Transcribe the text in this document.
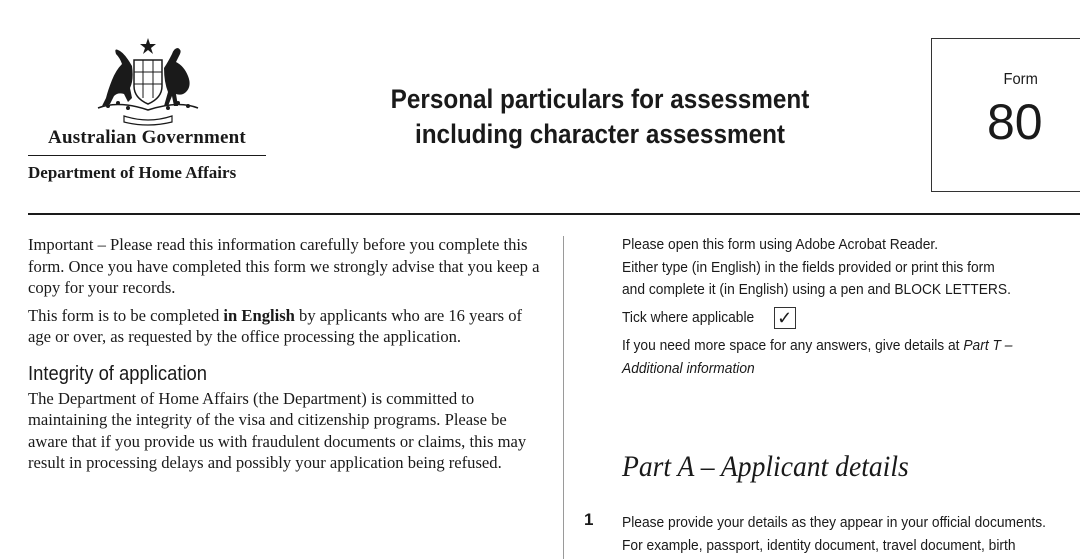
Australian Government
Department of Home Affairs
Personal particulars for assessment
including character assessment
Form
80

Important – Please read this information carefully before you complete this form. Once you have completed this form we strongly advise that you keep a copy for your records.

This form is to be completed in English by applicants who are 16 years of age or over, as requested by the office processing the application.

Integrity of application

The Department of Home Affairs (the Department) is committed to maintaining the integrity of the visa and citizenship programs. Please be aware that if you provide us with fraudulent documents or claims, this may result in processing delays and possibly your application being refused.

Please open this form using Adobe Acrobat Reader.
Either type (in English) in the fields provided or print this form
and complete it (in English) using a pen and BLOCK LETTERS.
Tick where applicable ✓
If you need more space for any answers, give details at Part T –
Additional information
Part A – Applicant details
1 Please provide your details as they appear in your official documents.
For example, passport, identity document, travel document, birth
